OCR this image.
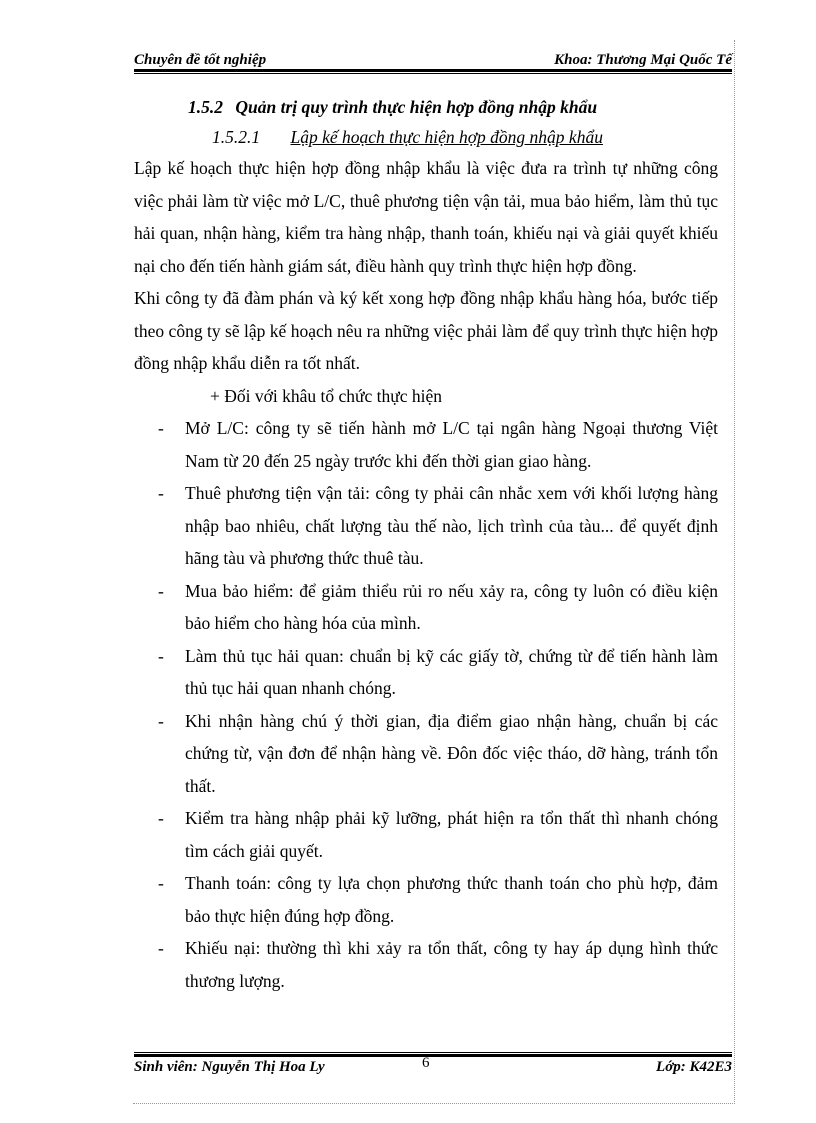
Chuyên đề tốt nghiệp	Khoa: Thương Mại Quốc Tế
1.5.2 Quản trị quy trình thực hiện hợp đồng nhập khẩu
1.5.2.1 Lập kế hoạch thực hiện hợp đồng nhập khẩu

Lập kế hoạch thực hiện hợp đồng nhập khẩu là việc đưa ra trình tự những công việc phải làm từ việc mở L/C, thuê phương tiện vận tải, mua bảo hiểm, làm thủ tục hải quan, nhận hàng, kiểm tra hàng nhập, thanh toán, khiếu nại và giải quyết khiếu nại cho đến tiến hành giám sát, điều hành quy trình thực hiện hợp đồng.

Khi công ty đã đàm phán và ký kết xong hợp đồng nhập khẩu hàng hóa, bước tiếp theo công ty sẽ lập kế hoạch nêu ra những việc phải làm để quy trình thực hiện hợp đồng nhập khẩu diễn ra tốt nhất.

+ Đối với khâu tổ chức thực hiện

- Mở L/C: công ty sẽ tiến hành mở L/C tại ngân hàng Ngoại thương Việt Nam từ 20 đến 25 ngày trước khi đến thời gian giao hàng.
- Thuê phương tiện vận tải: công ty phải cân nhắc xem với khối lượng hàng nhập bao nhiêu, chất lượng tàu thế nào, lịch trình của tàu... để quyết định hãng tàu và phương thức thuê tàu.
- Mua bảo hiểm: để giảm thiểu rủi ro nếu xảy ra, công ty luôn có điều kiện bảo hiểm cho hàng hóa của mình.
- Làm thủ tục hải quan: chuẩn bị kỹ các giấy tờ, chứng từ để tiến hành làm thủ tục hải quan nhanh chóng.
- Khi nhận hàng chú ý thời gian, địa điểm giao nhận hàng, chuẩn bị các chứng từ, vận đơn để nhận hàng về. Đôn đốc việc tháo, dỡ hàng, tránh tổn thất.
- Kiểm tra hàng nhập phải kỹ lưỡng, phát hiện ra tổn thất thì nhanh chóng tìm cách giải quyết.
- Thanh toán: công ty lựa chọn phương thức thanh toán cho phù hợp, đảm bảo thực hiện đúng hợp đồng.
- Khiếu nại: thường thì khi xảy ra tổn thất, công ty hay áp dụng hình thức thương lượng.
Sinh viên: Nguyễn Thị Hoa Ly	6	Lớp: K42E3
